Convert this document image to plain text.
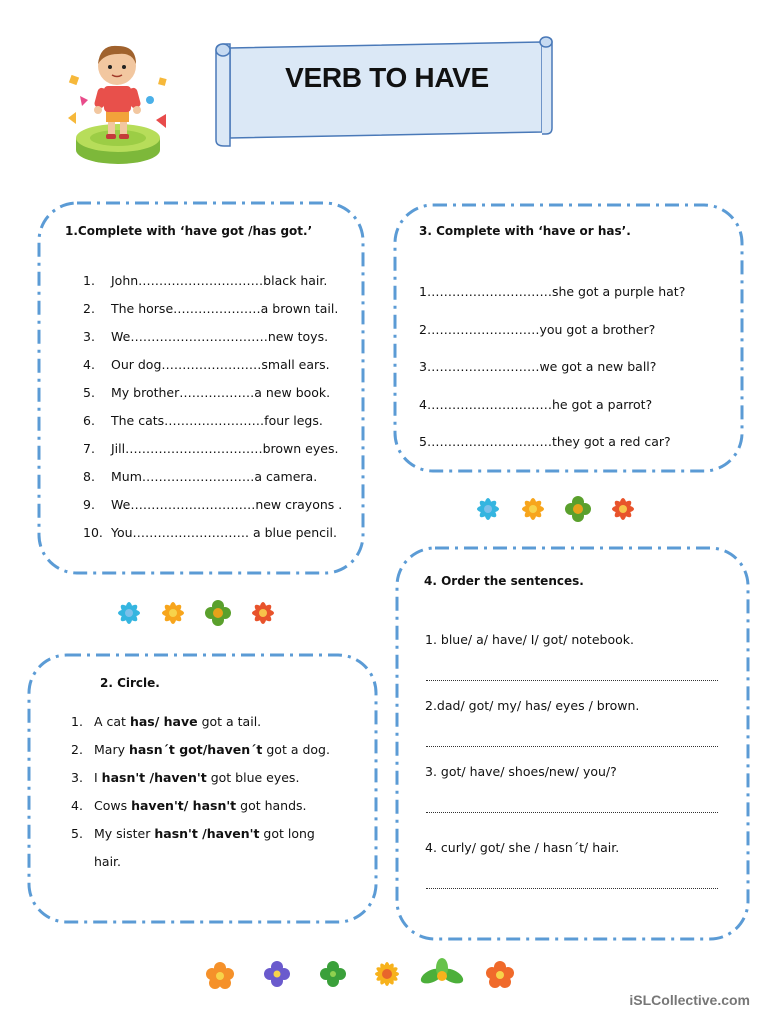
VERB TO HAVE
1.Complete with ‘have got /has got.’
1. John…………………………black hair.
2. The horse…………………a brown tail.
3. We……………………………new toys.
4. Our dog……………………small ears.
5. My brother………………a new book.
6. The cats……………………four legs.
7. Jill……………………………brown eyes.
8. Mum………………………a camera.
9. We…………………………new crayons .
10. You………………………. a blue pencil.
3. Complete with ‘have or has’.
1…………………………she got a purple hat?
2………………………you got a brother?
3………………………we got a new ball?
4…………………………he got a parrot?
5…………………………they got a red car?
2. Circle.
1. A cat has/ have got a tail.
2. Mary hasn´t got/haven´t got a dog.
3. I hasn't /haven't got blue eyes.
4. Cows haven't/ hasn't got hands.
5. My sister hasn't /haven't got long
hair.
4. Order the sentences.
1. blue/ a/ have/ I/ got/ notebook.
2.dad/ got/ my/ has/ eyes / brown.
3. got/ have/ shoes/new/ you/?
4. curly/ got/ she / hasn´t/ hair.
iSLCollective.com
